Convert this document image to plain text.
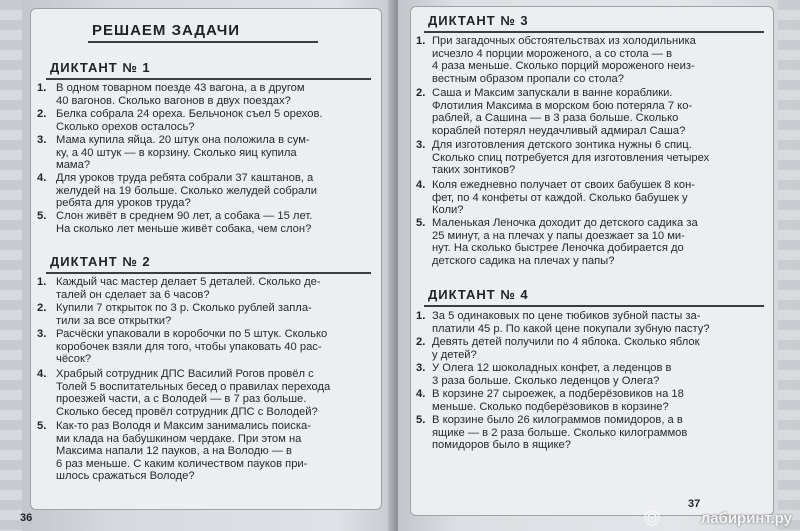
РЕШАЕМ ЗАДАЧИ
ДИКТАНТ № 1
1. В одном товарном поезде 43 вагона, а в другом
40 вагонов. Сколько вагонов в двух поездах?
2. Белка собрала 24 ореха. Бельчонок съел 5 орехов.
Сколько орехов осталось?
3. Мама купила яйца. 20 штук она положила в сум-
ку, а 40 штук — в корзину. Сколько яиц купила
мама?
4. Для уроков труда ребята собрали 37 каштанов, а
желудей на 19 больше. Сколько желудей собрали
ребята для уроков труда?
5. Слон живёт в среднем 90 лет, а собака — 15 лет.
На сколько лет меньше живёт собака, чем слон?
ДИКТАНТ № 2
1. Каждый час мастер делает 5 деталей. Сколько де-
талей он сделает за 6 часов?
2. Купили 7 открыток по 3 р. Сколько рублей запла-
тили за все открытки?
3. Расчёски упаковали в коробочки по 5 штук. Сколько
коробочек взяли для того, чтобы упаковать 40 рас-
чёсок?
4. Храбрый сотрудник ДПС Василий Рогов провёл с
Толей 5 воспитательных бесед о правилах перехода
проезжей части, а с Володей — в 7 раз больше.
Сколько бесед провёл сотрудник ДПС с Володей?
5. Как-то раз Володя и Максим занимались поиска-
ми клада на бабушкином чердаке. При этом на
Максима напали 12 пауков, а на Володю — в
6 раз меньше. С каким количеством пауков при-
шлось сражаться Володе?
36
ДИКТАНТ № 3
1. При загадочных обстоятельствах из холодильника
исчезло 4 порции мороженого, а со стола — в
4 раза меньше. Сколько порций мороженого неиз-
вестным образом пропали со стола?
2. Саша и Максим запускали в ванне кораблики.
Флотилия Максима в морском бою потеряла 7 ко-
раблей, а Сашина — в 3 раза больше. Сколько
кораблей потерял неудачливый адмирал Саша?
3. Для изготовления детского зонтика нужны 6 спиц.
Сколько спиц потребуется для изготовления четырех
таких зонтиков?
4. Коля ежедневно получает от своих бабушек 8 кон-
фет, по 4 конфеты от каждой. Сколько бабушек у
Коли?
5. Маленькая Леночка доходит до детского садика за
25 минут, а на плечах у папы доезжает за 10 ми-
нут. На сколько быстрее Леночка добирается до
детского садика на плечах у папы?
ДИКТАНТ № 4
1. За 5 одинаковых по цене тюбиков зубной пасты за-
платили 45 р. По какой цене покупали зубную пасту?
2. Девять детей получили по 4 яблока. Сколько яблок
у детей?
3. У Олега 12 шоколадных конфет, а леденцов в
3 раза больше. Сколько леденцов у Олега?
4. В корзине 27 сыроежек, а подберёзовиков на 18
меньше. Сколько подберёзовиков в корзине?
5. В корзине было 26 килограммов помидоров, а в
ящике — в 2 раза больше. Сколько килограммов
помидоров было в ящике?
37
лабиринт.ру
